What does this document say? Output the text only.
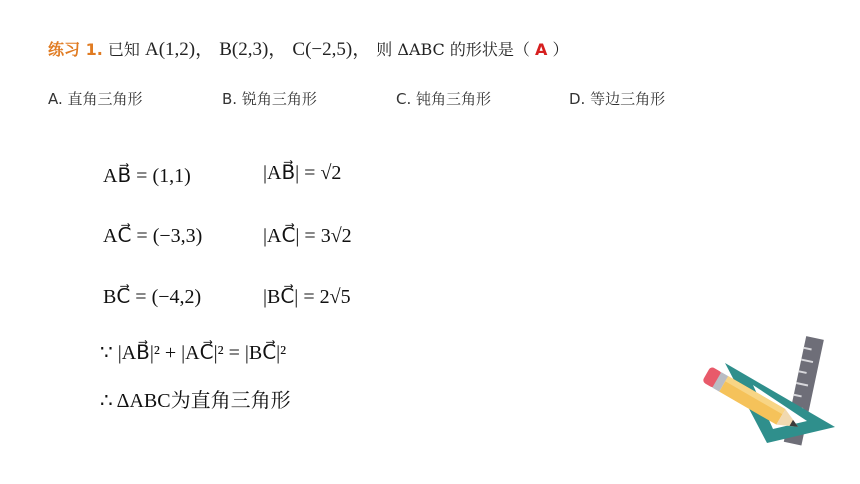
练习 1. 已知 A(1,2)， B(2,3)， C(−2,5)， 则 ΔABC 的形状是（ A ）
A. 直角三角形	B. 锐角三角形	C. 钝角三角形	D. 等边三角形
AB⃗ = (1,1)	|AB⃗| = √2
AC⃗ = (−3,3)	|AC⃗| = 3√2
BC⃗ = (−4,2)	|BC⃗| = 2√5
∵ |AB⃗|² + |AC⃗|² = |BC⃗|²
∴ ΔABC为直角三角形
